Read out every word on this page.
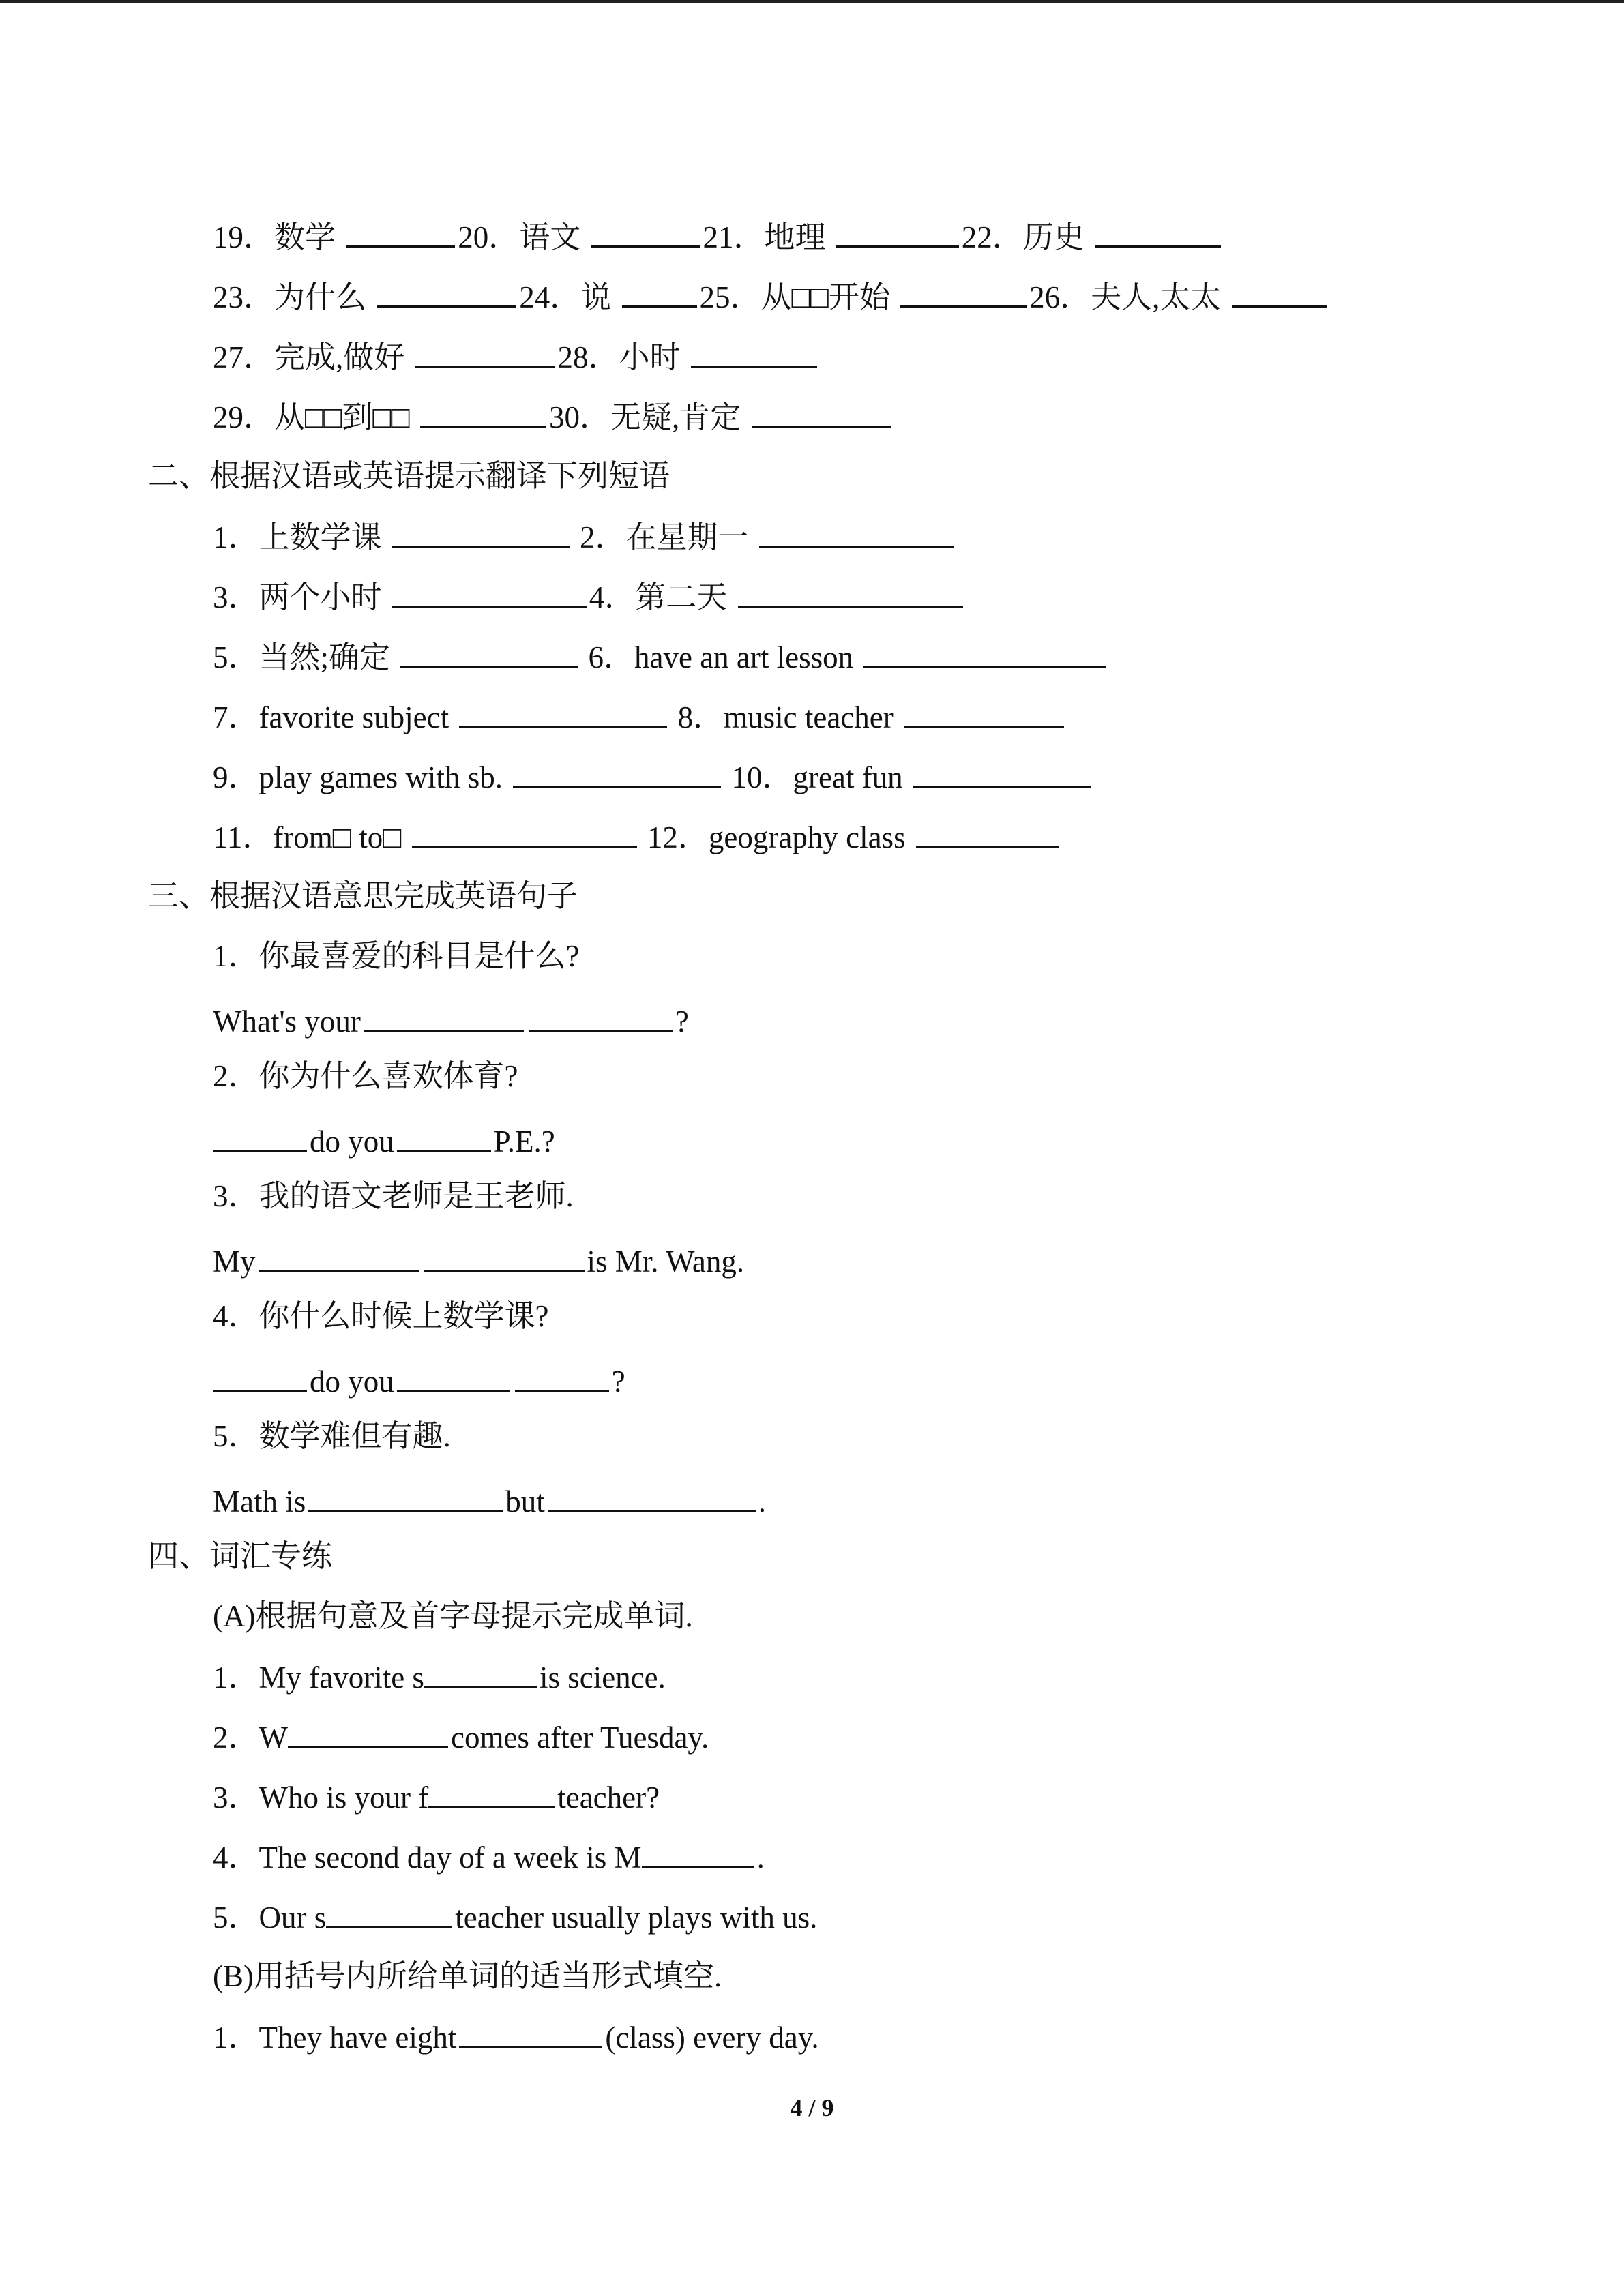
19．数学	20．语文	21．地理	22．历史
23．为什么	24．说	25．从□□开始	26．夫人,太太
27．完成,做好	28．小时
29．从□□到□□	30．无疑,肯定
二、根据汉语或英语提示翻译下列短语
1．上数学课	2．在星期一
3．两个小时	4．第二天
5．当然;确定	6．have an art lesson
7．favorite subject	8．music teacher
9．play games with sb.	10．great fun
11．from□ to□	12．geography class
三、根据汉语意思完成英语句子
1．你最喜爱的科目是什么?
What's your	?
2．你为什么喜欢体育?
do you	P.E.?
3．我的语文老师是王老师.
My	is Mr. Wang.
4．你什么时候上数学课?
do you	?
5．数学难但有趣.
Math is	but	.
四、词汇专练
(A)根据句意及首字母提示完成单词.
1．My favorite s	is science.
2．W	comes after Tuesday.
3．Who is your f	teacher?
4．The second day of a week is M	.
5．Our s	teacher usually plays with us.
(B)用括号内所给单词的适当形式填空.
1．They have eight	(class) every day.
4 / 9
